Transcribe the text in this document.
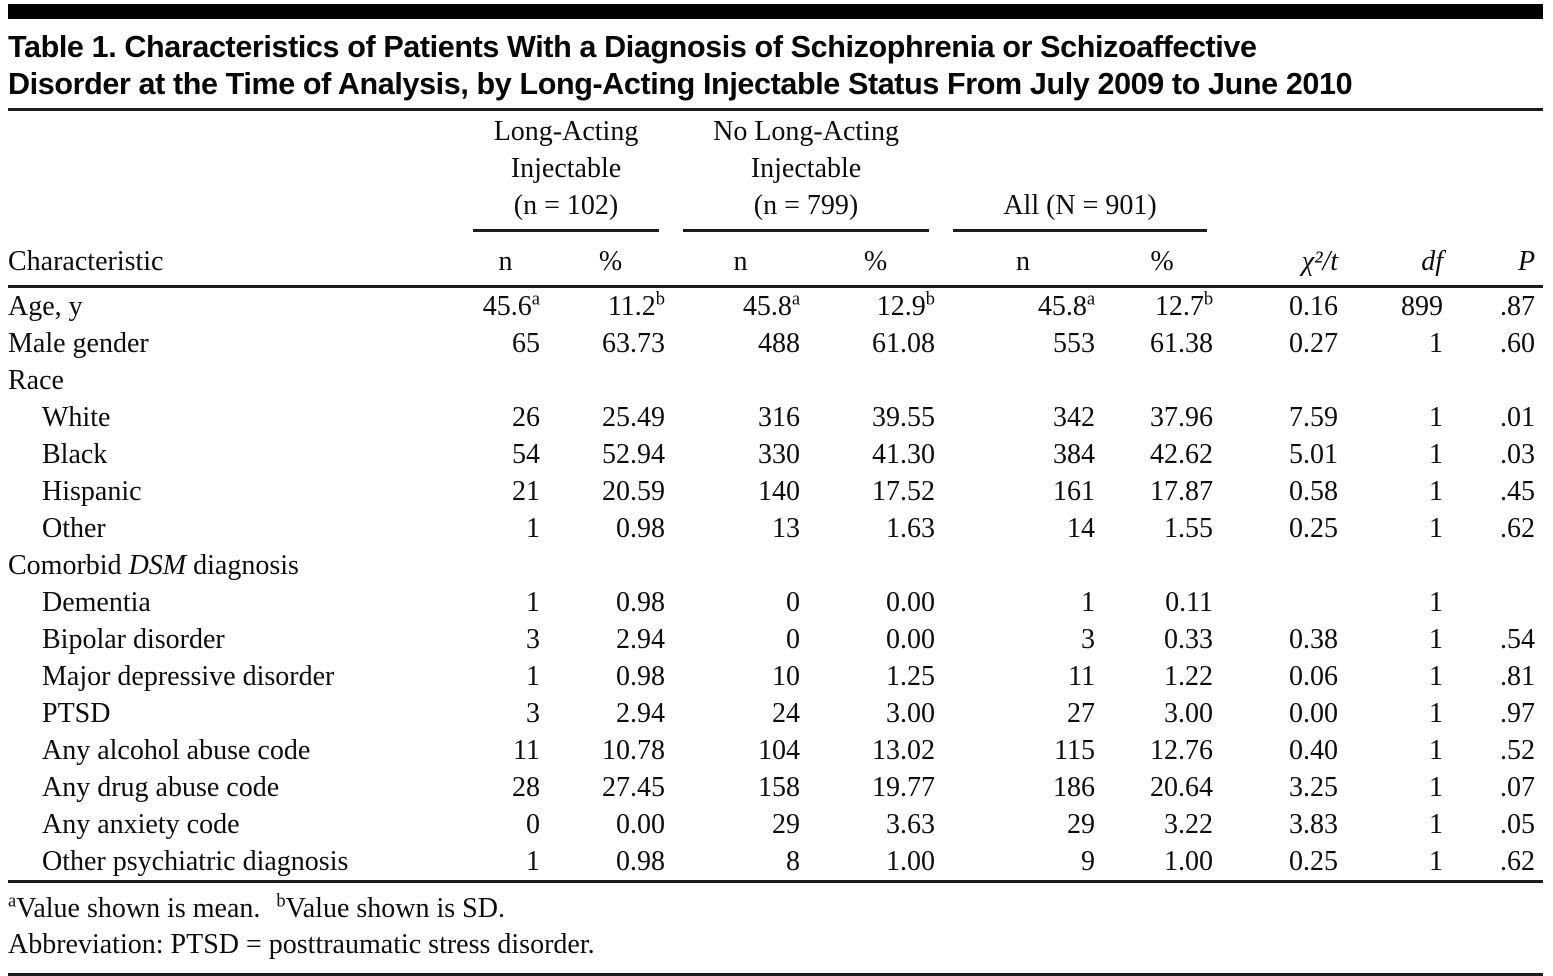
Table 1. Characteristics of Patients With a Diagnosis of Schizophrenia or Schizoaffective
Disorder at the Time of Analysis, by Long-Acting Injectable Status From July 2009 to June 2010

Long-Acting
Injectable
(n = 102)

No Long-Acting
Injectable
(n = 799)	All (N = 901)

Characteristic	n	%	n	%	n	%	χ²/t	df	P
Age, y	45.6$^a$	11.2$^b$	45.8$^a$	12.9$^b$	45.8$^a$	12.7$^b$	0.16	899	.87
Male gender	65	63.73	488	61.08	553	61.38	0.27	1	.60
Race									
White	26	25.49	316	39.55	342	37.96	7.59	1	.01
Black	54	52.94	330	41.30	384	42.62	5.01	1	.03
Hispanic	21	20.59	140	17.52	161	17.87	0.58	1	.45
Other	1	0.98	13	1.63	14	1.55	0.25	1	.62
Comorbid DSM diagnosis									
Dementia	1	0.98	0	0.00	1	0.11		1	
Bipolar disorder	3	2.94	0	0.00	3	0.33	0.38	1	.54
Major depressive disorder	1	0.98	10	1.25	11	1.22	0.06	1	.81
PTSD	3	2.94	24	3.00	27	3.00	0.00	1	.97
Any alcohol abuse code	11	10.78	104	13.02	115	12.76	0.40	1	.52
Any drug abuse code	28	27.45	158	19.77	186	20.64	3.25	1	.07
Any anxiety code	0	0.00	29	3.63	29	3.22	3.83	1	.05
Other psychiatric diagnosis	1	0.98	8	1.00	9	1.00	0.25	1	.62
$^a$Value shown is mean. $^b$Value shown is SD.
Abbreviation: PTSD = posttraumatic stress disorder.
